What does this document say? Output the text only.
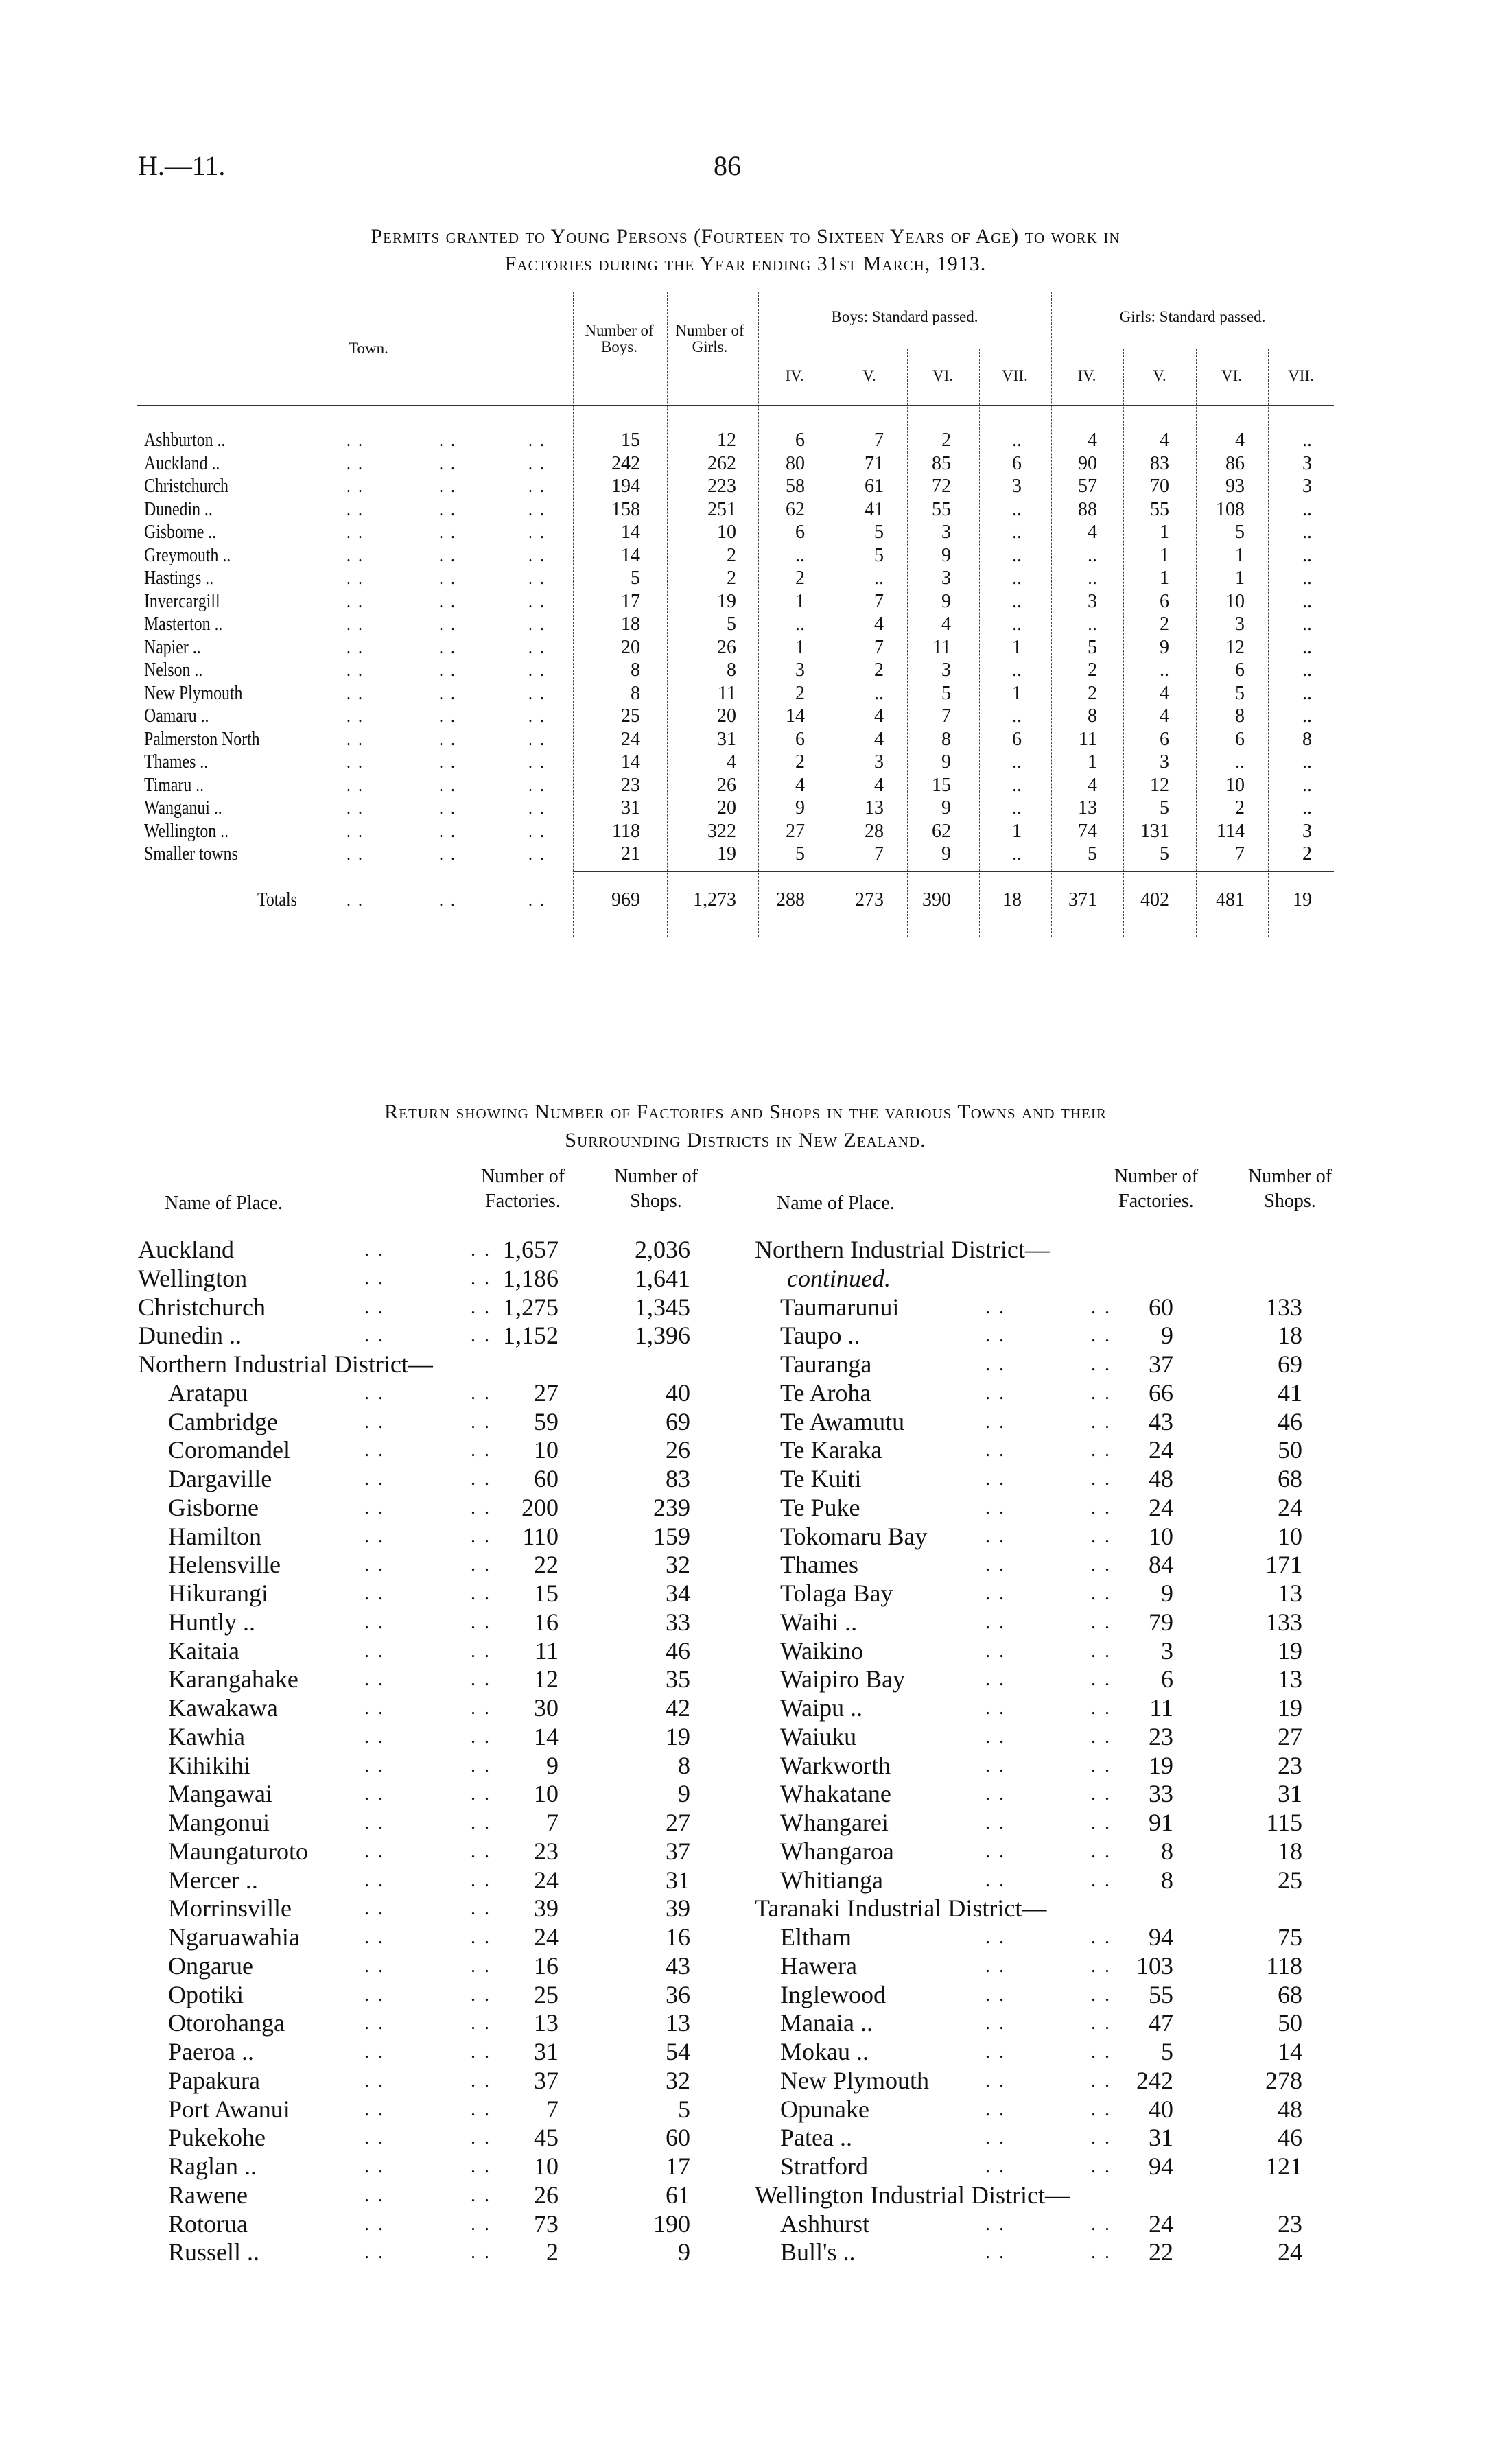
H.—11.	86
Permits granted to Young Persons (Fourteen to Sixteen Years of Age) to work in
Factories during the Year ending 31st March, 1913.
Town.
Number of Boys.
Number of Girls.
Boys: Standard passed.	Girls: Standard passed.
IV.	V.	VI.	VII.	IV.	V.	VI.	VII.
Ashburton .. . . . . . .	15	12	6	7	2	..	4	4	4	..
Auckland .. . . . . . .	242	262	80	71	85	6	90	83	86	3
Christchurch . . . . . .	194	223	58	61	72	3	57	70	93	3
Dunedin .. . . . . . .	158	251	62	41	55	..	88	55	108	..
Gisborne .. . . . . . .	14	10	6	5	3	..	4	1	5	..
Greymouth .. . . . . . .	14	2	..	5	9	..	..	1	1	..
Hastings .. . . . . . .	5	2	2	..	3	..	..	1	1	..
Invercargill . . . . . .	17	19	1	7	9	..	3	6	10	..
Masterton .. . . . . . .	18	5	..	4	4	..	..	2	3	..
Napier .. . . . . . .	20	26	1	7	11	1	5	9	12	..
Nelson .. . . . . . .	8	8	3	2	3	..	2	..	6	..
New Plymouth . . . . . .	8	11	2	..	5	1	2	4	5	..
Oamaru .. . . . . . .	25	20	14	4	7	..	8	4	8	..
Palmerston North . . . . . .	24	31	6	4	8	6	11	6	6	8
Thames .. . . . . . .	14	4	2	3	9	..	1	3	..	..
Timaru .. . . . . . .	23	26	4	4	15	..	4	12	10	..
Wanganui .. . . . . . .	31	20	9	13	9	..	13	5	2	..
Wellington .. . . . . . .	118	322	27	28	62	1	74	131	114	3
Smaller towns . . . . . .	21	19	5	7	9	..	5	5	7	2
Totals . . . . . .	969	1,273	288	273	390	18	371	402	481	19
Return showing Number of Factories and Shops in the various Towns and their
Surrounding Districts in New Zealand.
Name of Place.
Number of Factories.
Number of Shops.
Auckland . . . .	1,657	2,036
Wellington . . . .	1,186	1,641
Christchurch . . . .	1,275	1,345
Dunedin .. . . . .	1,152	1,396
Northern Industrial District—
Aratapu . . . .	27	40
Cambridge . . . .	59	69
Coromandel . . . .	10	26
Dargaville . . . .	60	83
Gisborne . . . .	200	239
Hamilton . . . .	110	159
Helensville . . . .	22	32
Hikurangi . . . .	15	34
Huntly .. . . . .	16	33
Kaitaia . . . .	11	46
Karangahake . . . .	12	35
Kawakawa . . . .	30	42
Kawhia . . . .	14	19
Kihikihi . . . .	9	8
Mangawai . . . .	10	9
Mangonui . . . .	7	27
Maungaturoto . . . .	23	37
Mercer .. . . . .	24	31
Morrinsville . . . .	39	39
Ngaruawahia . . . .	24	16
Ongarue . . . .	16	43
Opotiki . . . .	25	36
Otorohanga . . . .	13	13
Paeroa .. . . . .	31	54
Papakura . . . .	37	32
Port Awanui . . . .	7	5
Pukekohe . . . .	45	60
Raglan .. . . . .	10	17
Rawene . . . .	26	61
Rotorua . . . .	73	190
Russell .. . . . .	2	9
Name of Place.
Number of Factories.
Number of Shops.
Northern Industrial District—
continued.
Taumarunui . . . .	60	133
Taupo .. . . . .	9	18
Tauranga . . . .	37	69
Te Aroha . . . .	66	41
Te Awamutu . . . .	43	46
Te Karaka . . . .	24	50
Te Kuiti . . . .	48	68
Te Puke . . . .	24	24
Tokomaru Bay . . . .	10	10
Thames . . . .	84	171
Tolaga Bay . . . .	9	13
Waihi .. . . . .	79	133
Waikino . . . .	3	19
Waipiro Bay . . . .	6	13
Waipu .. . . . .	11	19
Waiuku . . . .	23	27
Warkworth . . . .	19	23
Whakatane . . . .	33	31
Whangarei . . . .	91	115
Whangaroa . . . .	8	18
Whitianga . . . .	8	25
Taranaki Industrial District—
Eltham . . . .	94	75
Hawera . . . .	103	118
Inglewood . . . .	55	68
Manaia .. . . . .	47	50
Mokau .. . . . .	5	14
New Plymouth . . . .	242	278
Opunake . . . .	40	48
Patea .. . . . .	31	46
Stratford . . . .	94	121
Wellington Industrial District—
Ashhurst . . . .	24	23
Bull's .. . . . .	22	24
